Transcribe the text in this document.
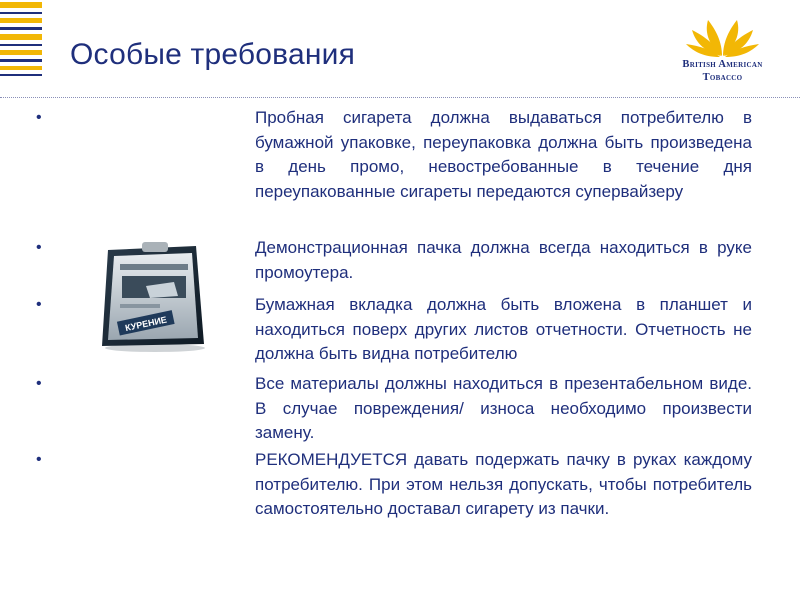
Особые требования	British American
Tobacco
КУРЕНИЕ
•	Пробная сигарета должна выдаваться потребителю в бумажной упаковке, переупаковка должна быть произведена в день промо, невостребованные в течение дня переупакованные сигареты передаются супервайзеру
•	Демонстрационная пачка должна всегда находиться в руке промоутера.
•	Бумажная вкладка должна быть вложена в планшет и находиться поверх других листов отчетности. Отчетность не должна быть видна потребителю
•	Все материалы должны находиться в презентабельном виде. В случае повреждения/ износа необходимо произвести замену.
•	РЕКОМЕНДУЕТСЯ давать подержать пачку в руках каждому потребителю. При этом нельзя допускать, чтобы потребитель самостоятельно доставал сигарету из пачки.
